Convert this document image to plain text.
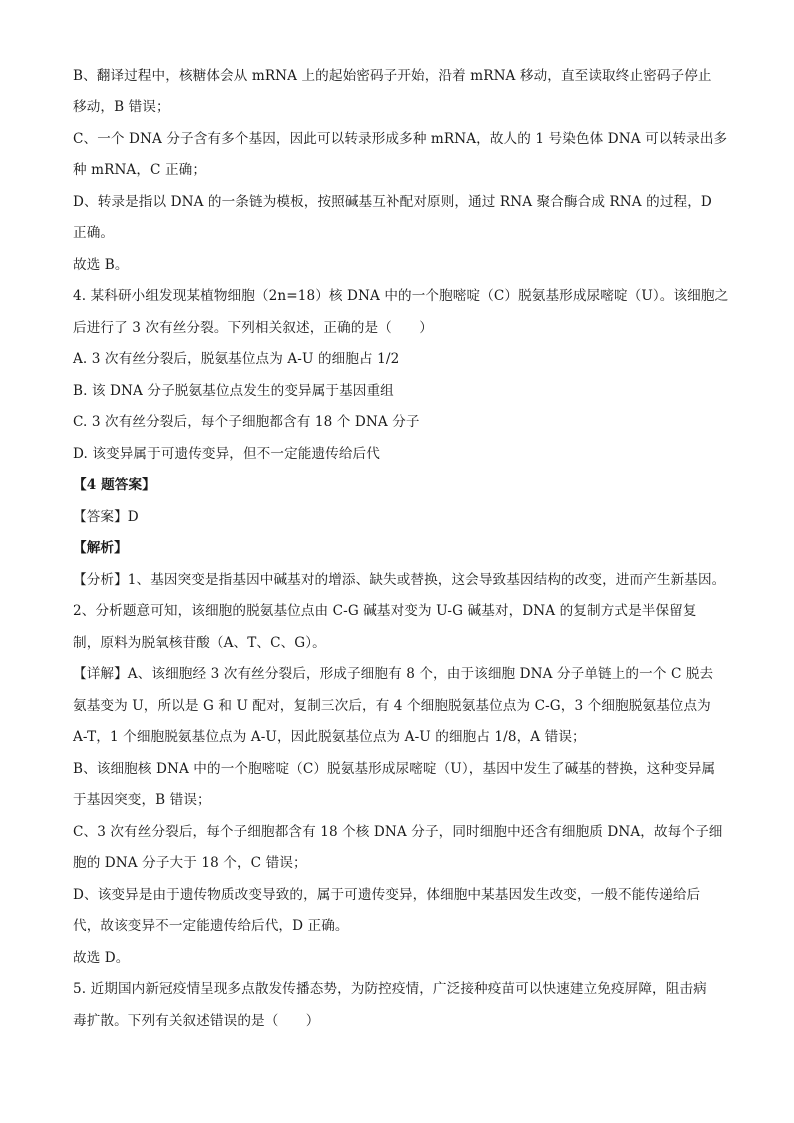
B、翻译过程中，核糖体会从 mRNA 上的起始密码子开始，沿着 mRNA 移动，直至读取终止密码子停止
移动，B 错误；
C、一个 DNA 分子含有多个基因，因此可以转录形成多种 mRNA，故人的 1 号染色体 DNA 可以转录出多
种 mRNA，C 正确；
D、转录是指以 DNA 的一条链为模板，按照碱基互补配对原则，通过 RNA 聚合酶合成 RNA 的过程，D
正确。
故选 B。
4. 某科研小组发现某植物细胞（2n=18）核 DNA 中的一个胞嘧啶（C）脱氨基形成尿嘧啶（U）。该细胞之
后进行了 3 次有丝分裂。下列相关叙述，正确的是（　　）
A. 3 次有丝分裂后，脱氨基位点为 A-U 的细胞占 1/2
B. 该 DNA 分子脱氨基位点发生的变异属于基因重组
C. 3 次有丝分裂后，每个子细胞都含有 18 个 DNA 分子
D. 该变异属于可遗传变异，但不一定能遗传给后代
【4 题答案】
【答案】D
【解析】
【分析】1、基因突变是指基因中碱基对的增添、缺失或替换，这会导致基因结构的改变，进而产生新基因。
2、分析题意可知，该细胞的脱氨基位点由 C-G 碱基对变为 U-G 碱基对，DNA 的复制方式是半保留复
制，原料为脱氧核苷酸（A、T、C、G）。
【详解】A、该细胞经 3 次有丝分裂后，形成子细胞有 8 个，由于该细胞 DNA 分子单链上的一个 C 脱去
氨基变为 U，所以是 G 和 U 配对，复制三次后，有 4 个细胞脱氨基位点为 C-G，3 个细胞脱氨基位点为
A-T，1 个细胞脱氨基位点为 A-U，因此脱氨基位点为 A-U 的细胞占 1/8，A 错误；
B、该细胞核 DNA 中的一个胞嘧啶（C）脱氨基形成尿嘧啶（U），基因中发生了碱基的替换，这种变异属
于基因突变，B 错误；
C、3 次有丝分裂后，每个子细胞都含有 18 个核 DNA 分子，同时细胞中还含有细胞质 DNA，故每个子细
胞的 DNA 分子大于 18 个，C 错误；
D、该变异是由于遗传物质改变导致的，属于可遗传变异，体细胞中某基因发生改变，一般不能传递给后
代，故该变异不一定能遗传给后代，D 正确。
故选 D。
5. 近期国内新冠疫情呈现多点散发传播态势，为防控疫情，广泛接种疫苗可以快速建立免疫屏障，阻击病
毒扩散。下列有关叙述错误的是（　　）
